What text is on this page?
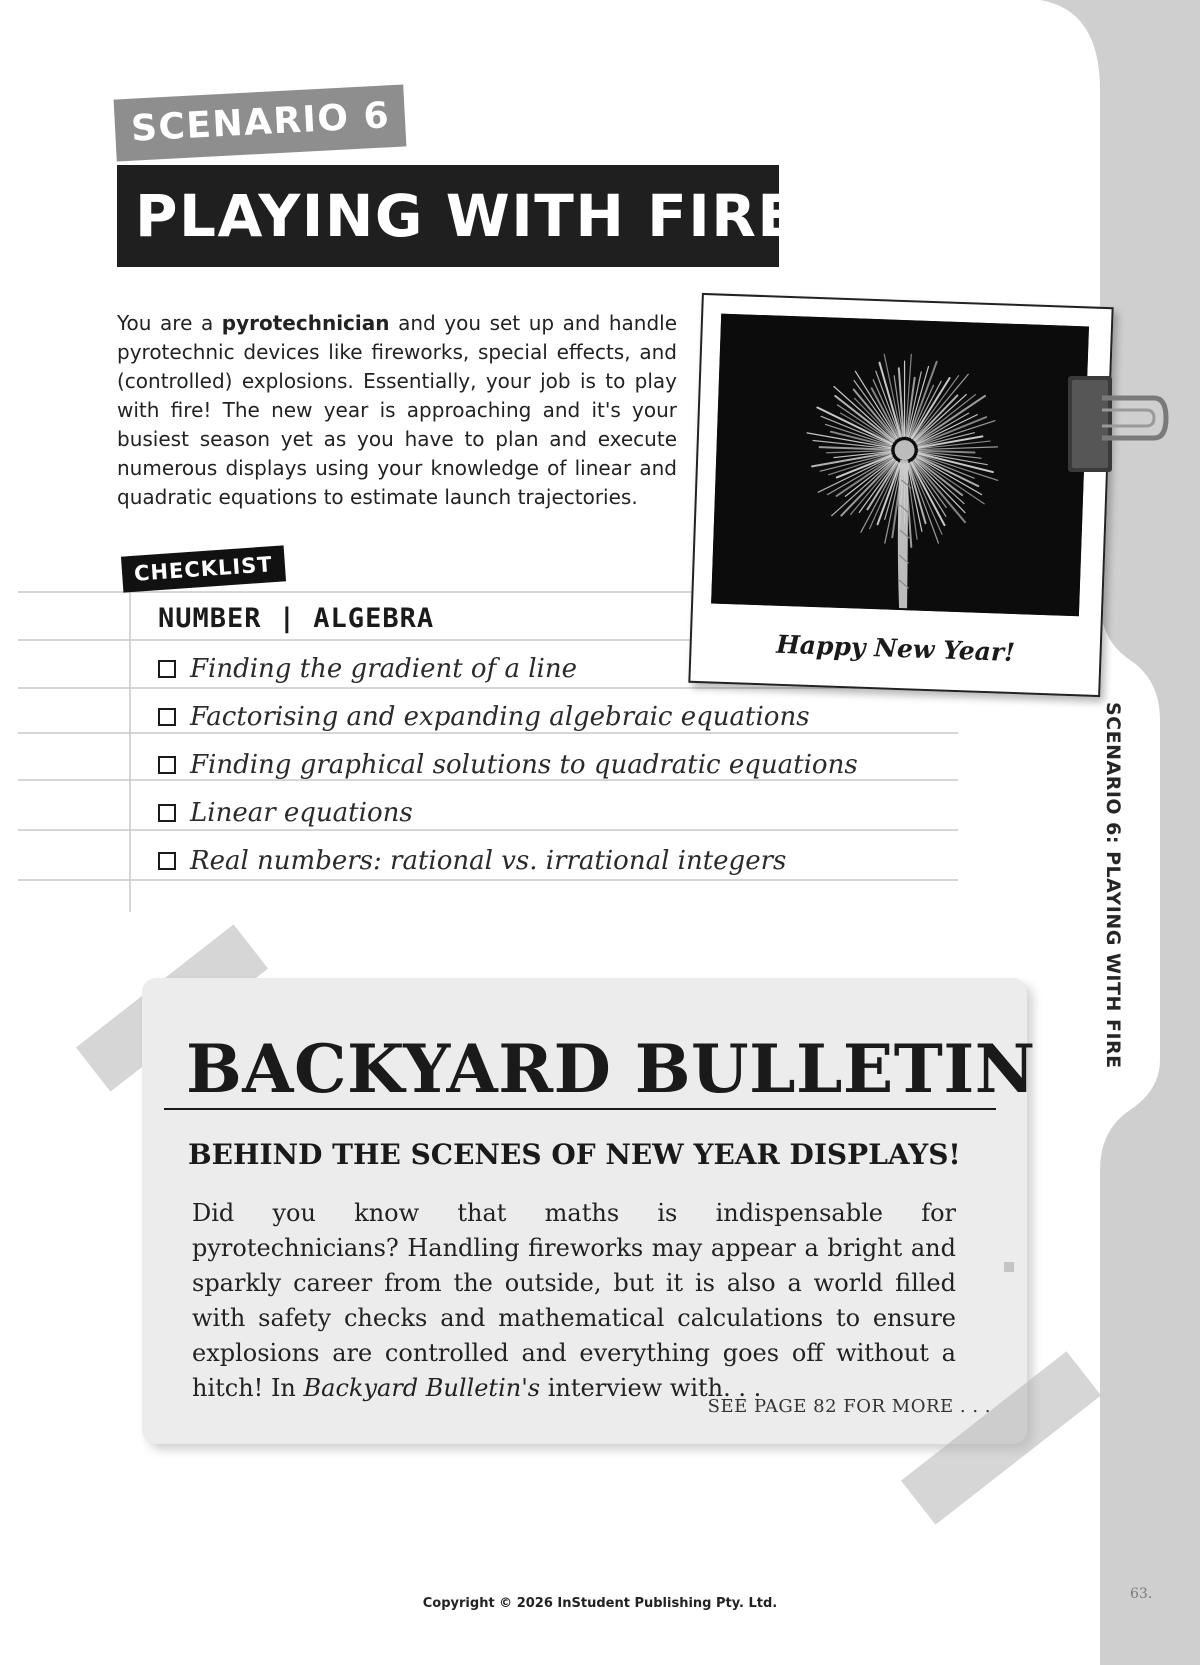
SCENARIO 6: PLAYING WITH FIRE
63.
SCENARIO 6
PLAYING WITH FIRE
You are a pyrotechnician and you set up and handle pyrotechnic devices like fireworks, special effects, and (controlled) explosions. Essentially, your job is to play with fire! The new year is approaching and it's your busiest season yet as you have to plan and execute numerous displays using your knowledge of linear and quadratic equations to estimate launch trajectories.
CHECKLIST
NUMBER | ALGEBRA
Finding the gradient of a line
Factorising and expanding algebraic equations
Finding graphical solutions to quadratic equations
Linear equations
Real numbers: rational vs. irrational integers
Happy New Year!
BACKYARD BULLETIN
BEHIND THE SCENES OF NEW YEAR DISPLAYS!
Did you know that maths is indispensable for pyrotechnicians? Handling fireworks may appear a bright and sparkly career from the outside, but it is also a world filled with safety checks and mathematical calculations to ensure explosions are controlled and everything goes off without a hitch! In Backyard Bulletin's interview with. . .
SEE PAGE 82 FOR MORE . . .
Copyright © 2026 InStudent Publishing Pty. Ltd.
